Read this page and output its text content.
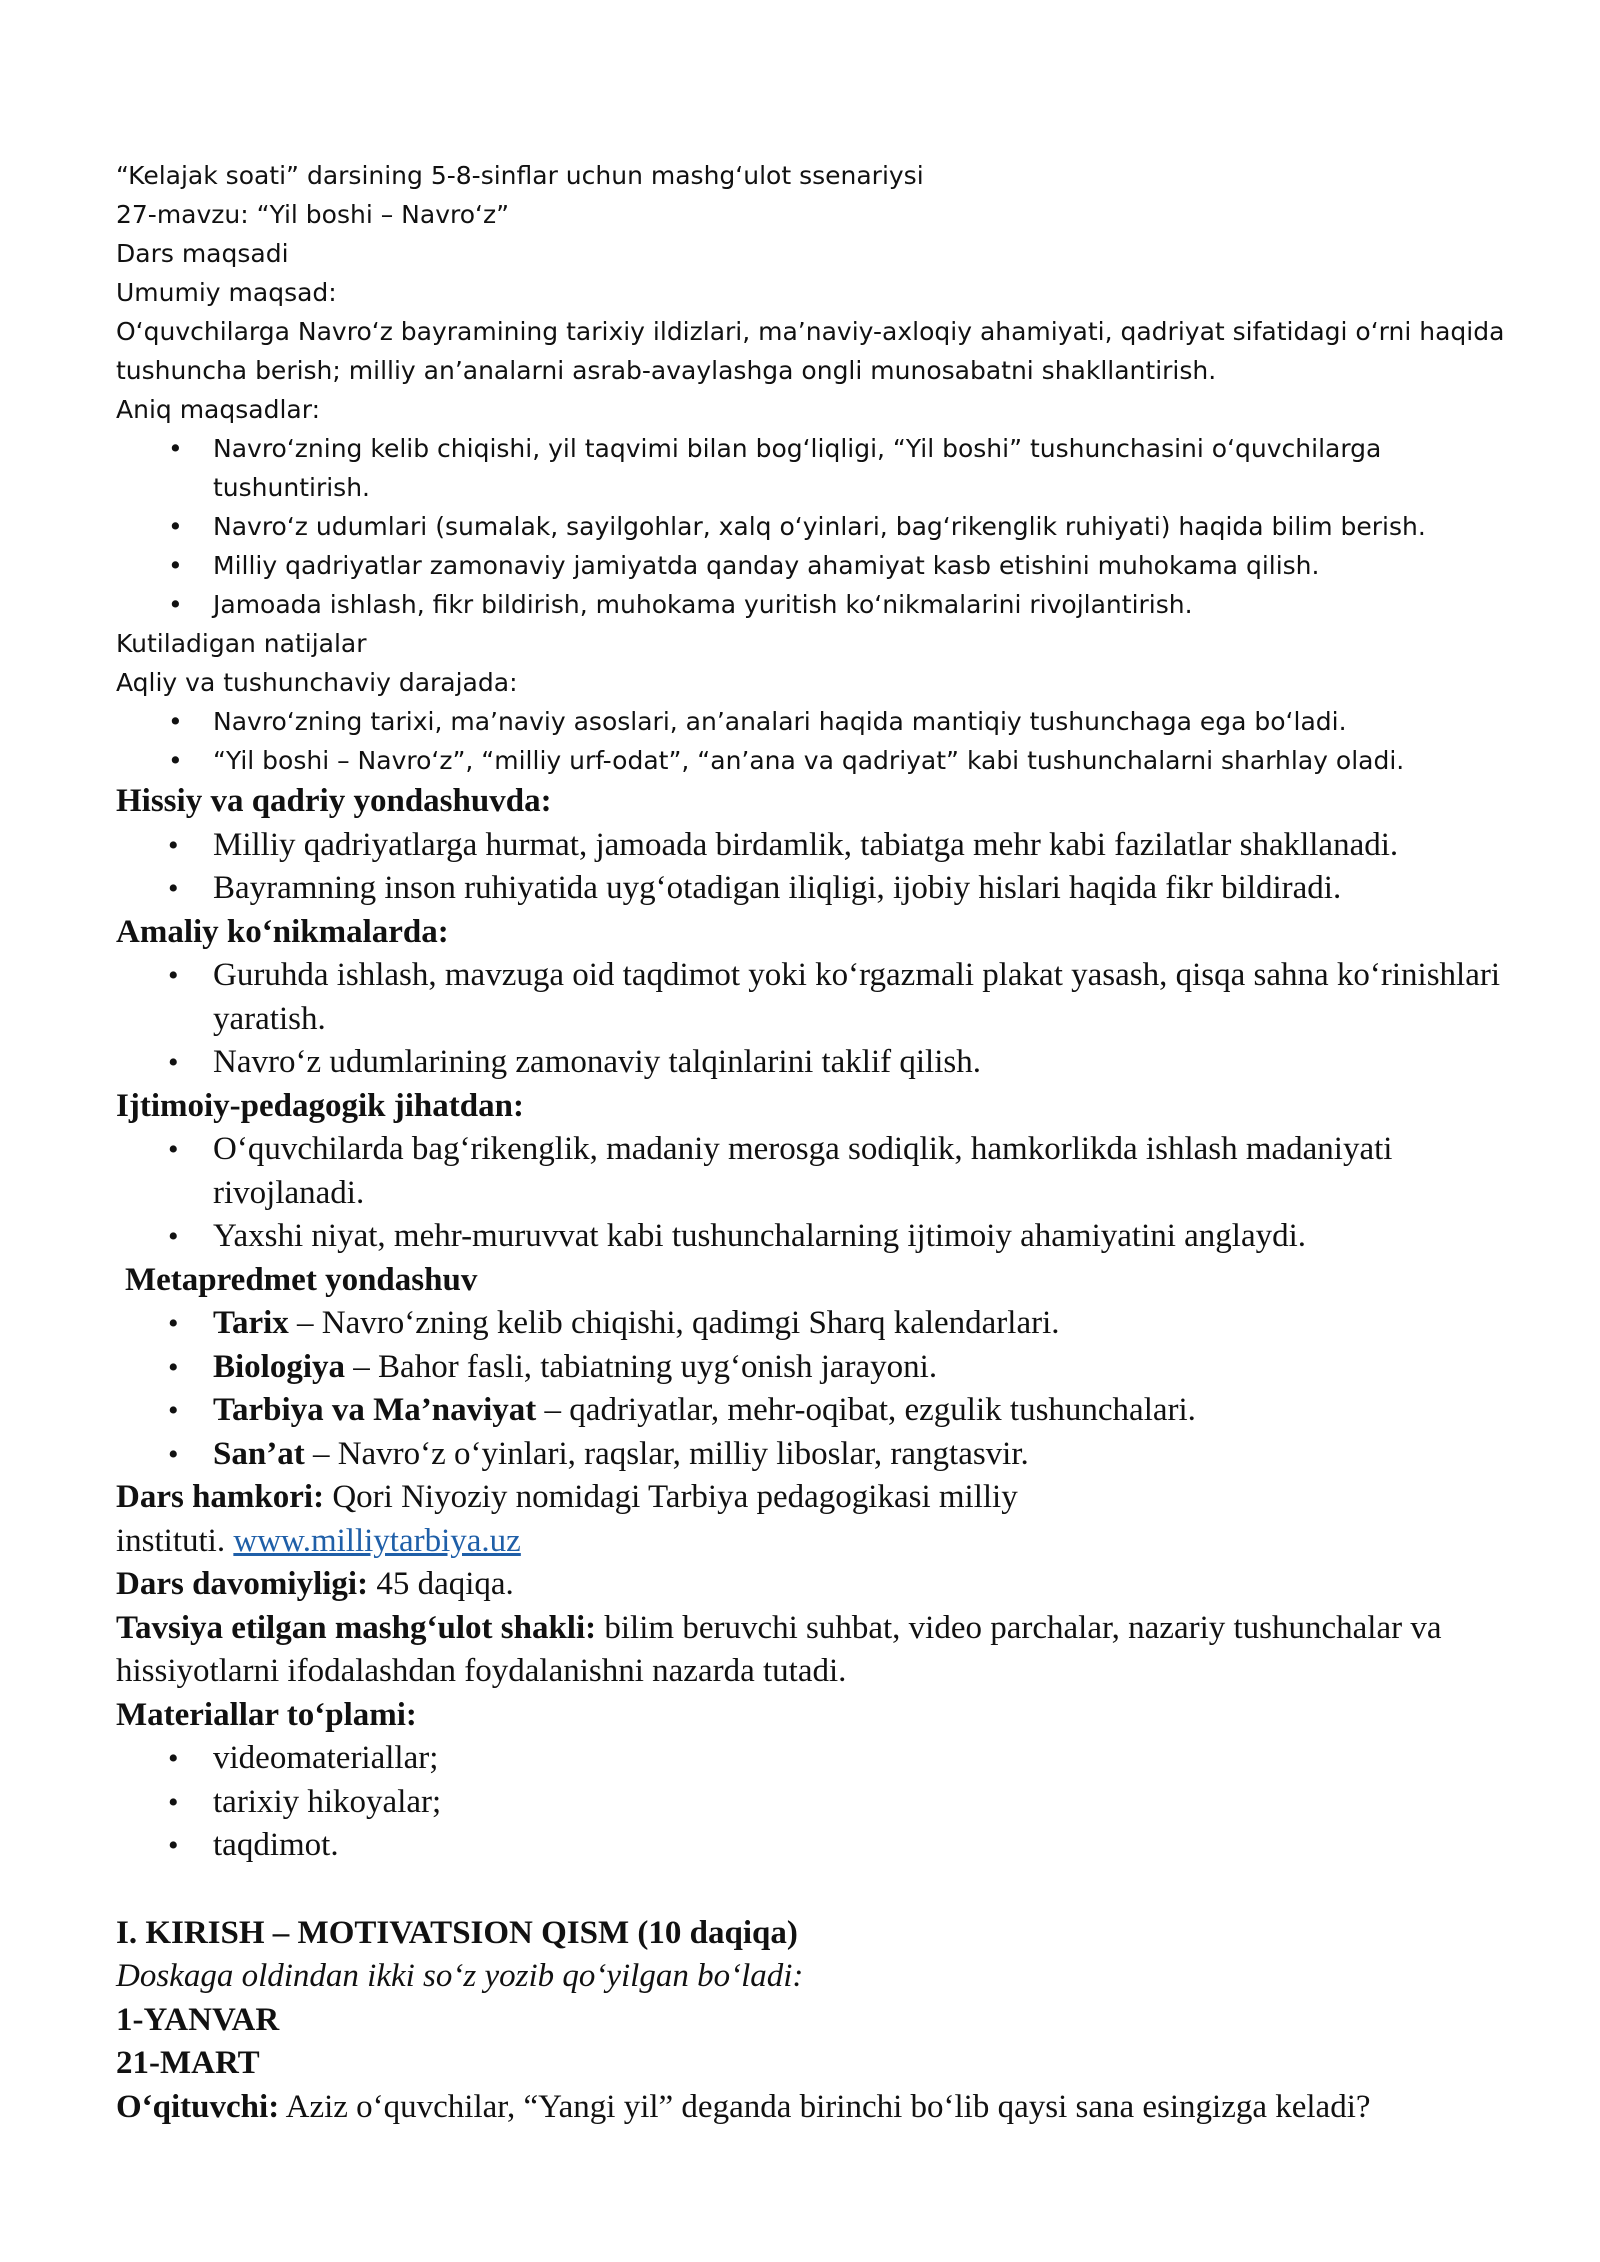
“Kelajak soati” darsining 5-8-sinflar uchun mashg‘ulot ssenariysi

27-mavzu: “Yil boshi – Navro‘z”

Dars maqsadi

Umumiy maqsad:

O‘quvchilarga Navro‘z bayramining tarixiy ildizlari, ma’naviy-axloqiy ahamiyati, qadriyat sifatidagi o‘rni haqida tushuncha berish; milliy an’analarni asrab-avaylashga ongli munosabatni shakllantirish.

Aniq maqsadlar:

• Navro‘zning kelib chiqishi, yil taqvimi bilan bog‘liqligi, “Yil boshi” tushunchasini o‘quvchilarga tushuntirish.
• Navro‘z udumlari (sumalak, sayilgohlar, xalq o‘yinlari, bag‘rikenglik ruhiyati) haqida bilim berish.
• Milliy qadriyatlar zamonaviy jamiyatda qanday ahamiyat kasb etishini muhokama qilish.
• Jamoada ishlash, fikr bildirish, muhokama yuritish ko‘nikmalarini rivojlantirish.

Kutiladigan natijalar

Aqliy va tushunchaviy darajada:

• Navro‘zning tarixi, ma’naviy asoslari, an’analari haqida mantiqiy tushunchaga ega bo‘ladi.
• “Yil boshi – Navro‘z”, “milliy urf-odat”, “an’ana va qadriyat” kabi tushunchalarni sharhlay oladi.
Hissiy va qadriy yondashuvda:
• Milliy qadriyatlarga hurmat, jamoada birdamlik, tabiatga mehr kabi fazilatlar shakllanadi.
• Bayramning inson ruhiyatida uyg‘otadigan iliqligi, ijobiy hislari haqida fikr bildiradi.
Amaliy ko‘nikmalarda:
• Guruhda ishlash, mavzuga oid taqdimot yoki ko‘rgazmali plakat yasash, qisqa sahna ko‘rinishlari yaratish.
• Navro‘z udumlarining zamonaviy talqinlarini taklif qilish.
Ijtimoiy-pedagogik jihatdan:
• O‘quvchilarda bag‘rikenglik, madaniy merosga sodiqlik, hamkorlikda ishlash madaniyati rivojlanadi.
• Yaxshi niyat, mehr-muruvvat kabi tushunchalarning ijtimoiy ahamiyatini anglaydi.
Metapredmet yondashuv
• Tarix – Navro‘zning kelib chiqishi, qadimgi Sharq kalendarlari.
• Biologiya – Bahor fasli, tabiatning uyg‘onish jarayoni.
• Tarbiya va Ma’naviyat – qadriyatlar, mehr-oqibat, ezgulik tushunchalari.
• San’at – Navro‘z o‘yinlari, raqslar, milliy liboslar, rangtasvir.

Dars hamkori: Qori Niyoziy nomidagi Tarbiya pedagogikasi milliy

instituti. www.milliytarbiya.uz

Dars davomiyligi: 45 daqiqa.

Tavsiya etilgan mashg‘ulot shakli: bilim beruvchi suhbat, video parchalar, nazariy tushunchalar va hissiyotlarni ifodalashdan foydalanishni nazarda tutadi.

Materiallar to‘plami:
• videomateriallar;
• tarixiy hikoyalar;
• taqdimot.
I. KIRISH – MOTIVATSION QISM (10 daqiqa)

Doskaga oldindan ikki so‘z yozib qo‘yilgan bo‘ladi:

1-YANVAR

21-MART

O‘qituvchi: Aziz o‘quvchilar, “Yangi yil” deganda birinchi bo‘lib qaysi sana esingizga keladi?
